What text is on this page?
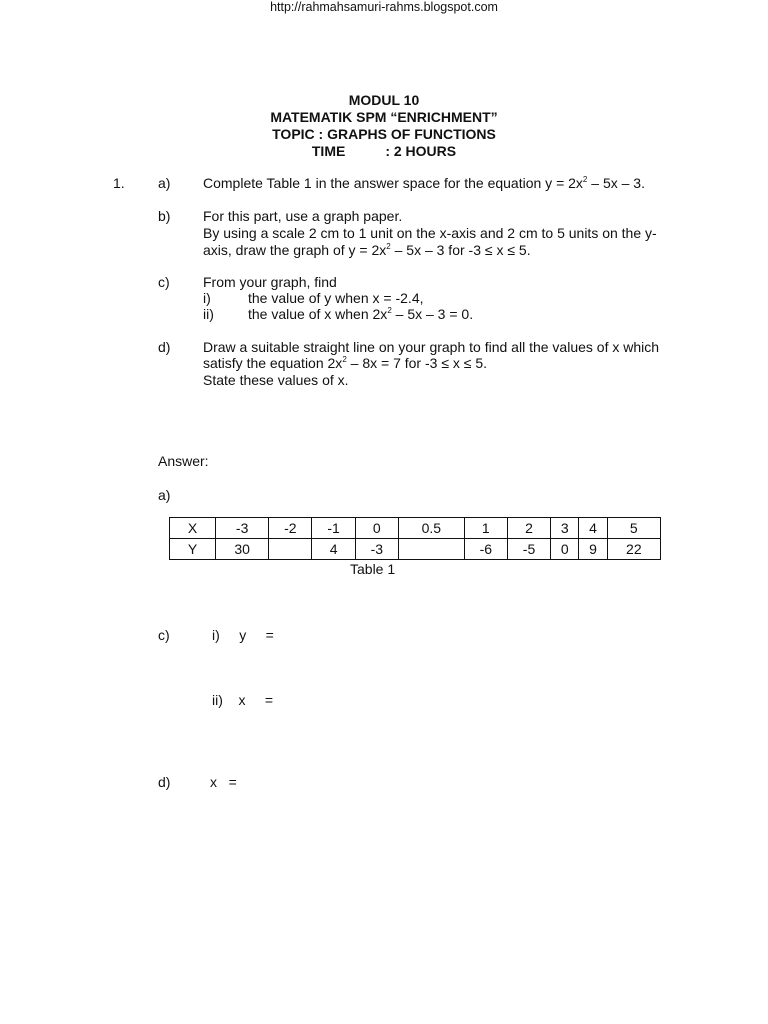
http://rahmahsamuri-rahms.blogspot.com
MODUL 10
MATEMATIK SPM “ENRICHMENT”
TOPIC : GRAPHS OF FUNCTIONS
TIME	: 2 HOURS
1. a) Complete Table 1 in the answer space for the equation $y = 2x^2 - 5x - 3$.
b) For this part, use a graph paper.
By using a scale 2 cm to 1 unit on the x-axis and 2 cm to 5 units on the y-
axis, draw the graph of $y = 2x^2 - 5x - 3$ for -3 ≤ x ≤ 5.
c) From your graph, find
i)	the value of y when x = -2.4,
ii) the value of x when $2x^2 - 5x - 3 = 0$.
d) Draw a suitable straight line on your graph to find all the values of x which
satisfy the equation $2x^2 - 8x = 7$ for -3 ≤ x ≤ 5.
State these values of x.
Answer:
a)
X	-3	-2	-1	0	0.5	1	2	3	4	5
Y	30		4	-3		-6	-5	0	9	22
Table 1
c)	i)     y     =
ii)    x     =
d)	x   =
